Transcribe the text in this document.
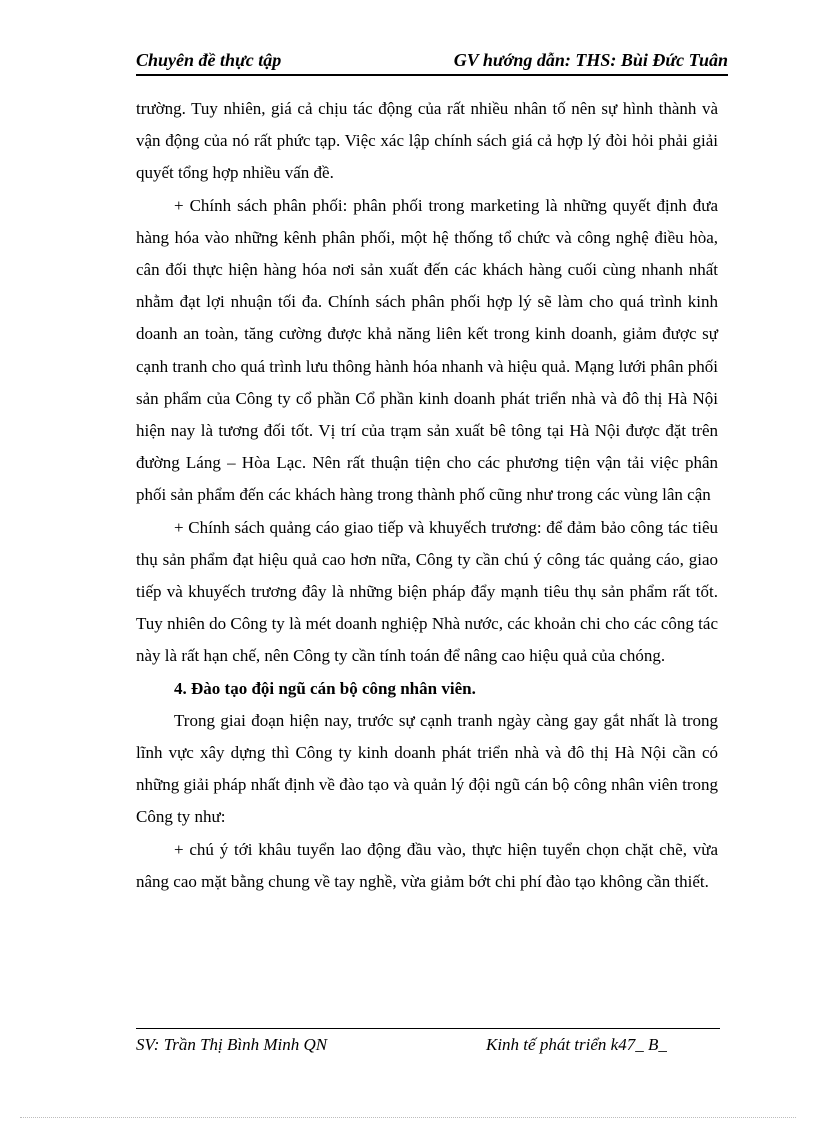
Chuyên đề thực tập	GV hướng dẫn: THS: Bùi Đức Tuân

trường. Tuy nhiên, giá cả chịu tác động của rất nhiều nhân tố nên sự hình thành và vận động của nó rất phức tạp. Việc xác lập chính sách giá cả hợp lý đòi hỏi phải giải quyết tổng hợp nhiều vấn đề.

+ Chính sách phân phối: phân phối trong marketing là những quyết định đưa hàng hóa vào những kênh phân phối, một hệ thống tổ chức và công nghệ điều hòa, cân đối thực hiện hàng hóa nơi sản xuất đến các khách hàng cuối cùng nhanh nhất nhằm đạt lợi nhuận tối đa. Chính sách phân phối hợp lý sẽ làm cho quá trình kinh doanh an toàn, tăng cường được khả năng liên kết trong kinh doanh, giảm được sự cạnh tranh cho quá trình lưu thông hành hóa nhanh và hiệu quả. Mạng lưới phân phối sản phẩm của Công ty cổ phần Cổ phần kinh doanh phát triển nhà và đô thị Hà Nội hiện nay là tương đối tốt. Vị trí của trạm sản xuất bê tông tại Hà Nội được đặt trên đường Láng – Hòa Lạc. Nên rất thuận tiện cho các phương tiện vận tải việc phân phối sản phẩm đến các khách hàng trong thành phố cũng như trong các vùng lân cận

+ Chính sách quảng cáo giao tiếp và khuyếch trương: để đảm bảo công tác tiêu thụ sản phẩm đạt hiệu quả cao hơn nữa, Công ty cần chú ý công tác quảng cáo, giao tiếp và khuyếch trương đây là những biện pháp đẩy mạnh tiêu thụ sản phẩm rất tốt. Tuy nhiên do Công ty là mét doanh nghiệp Nhà nước, các khoản chi cho các công tác này là rất hạn chế, nên Công ty cần tính toán để nâng cao hiệu quả của chóng.

4. Đào tạo đội ngũ cán bộ công nhân viên.

Trong giai đoạn hiện nay, trước sự cạnh tranh ngày càng gay gắt nhất là trong lĩnh vực xây dựng thì Công ty kinh doanh phát triển nhà và đô thị Hà Nội cần có những giải pháp nhất định về đào tạo và quản lý đội ngũ cán bộ công nhân viên trong Công ty như:

+ chú ý tới khâu tuyển lao động đầu vào, thực hiện tuyển chọn chặt chẽ, vừa nâng cao mặt bằng chung về tay nghề, vừa giảm bớt chi phí đào tạo không cần thiết.

SV: Trần Thị Bình Minh QN	Kinh tế phát triển k47_ B_
